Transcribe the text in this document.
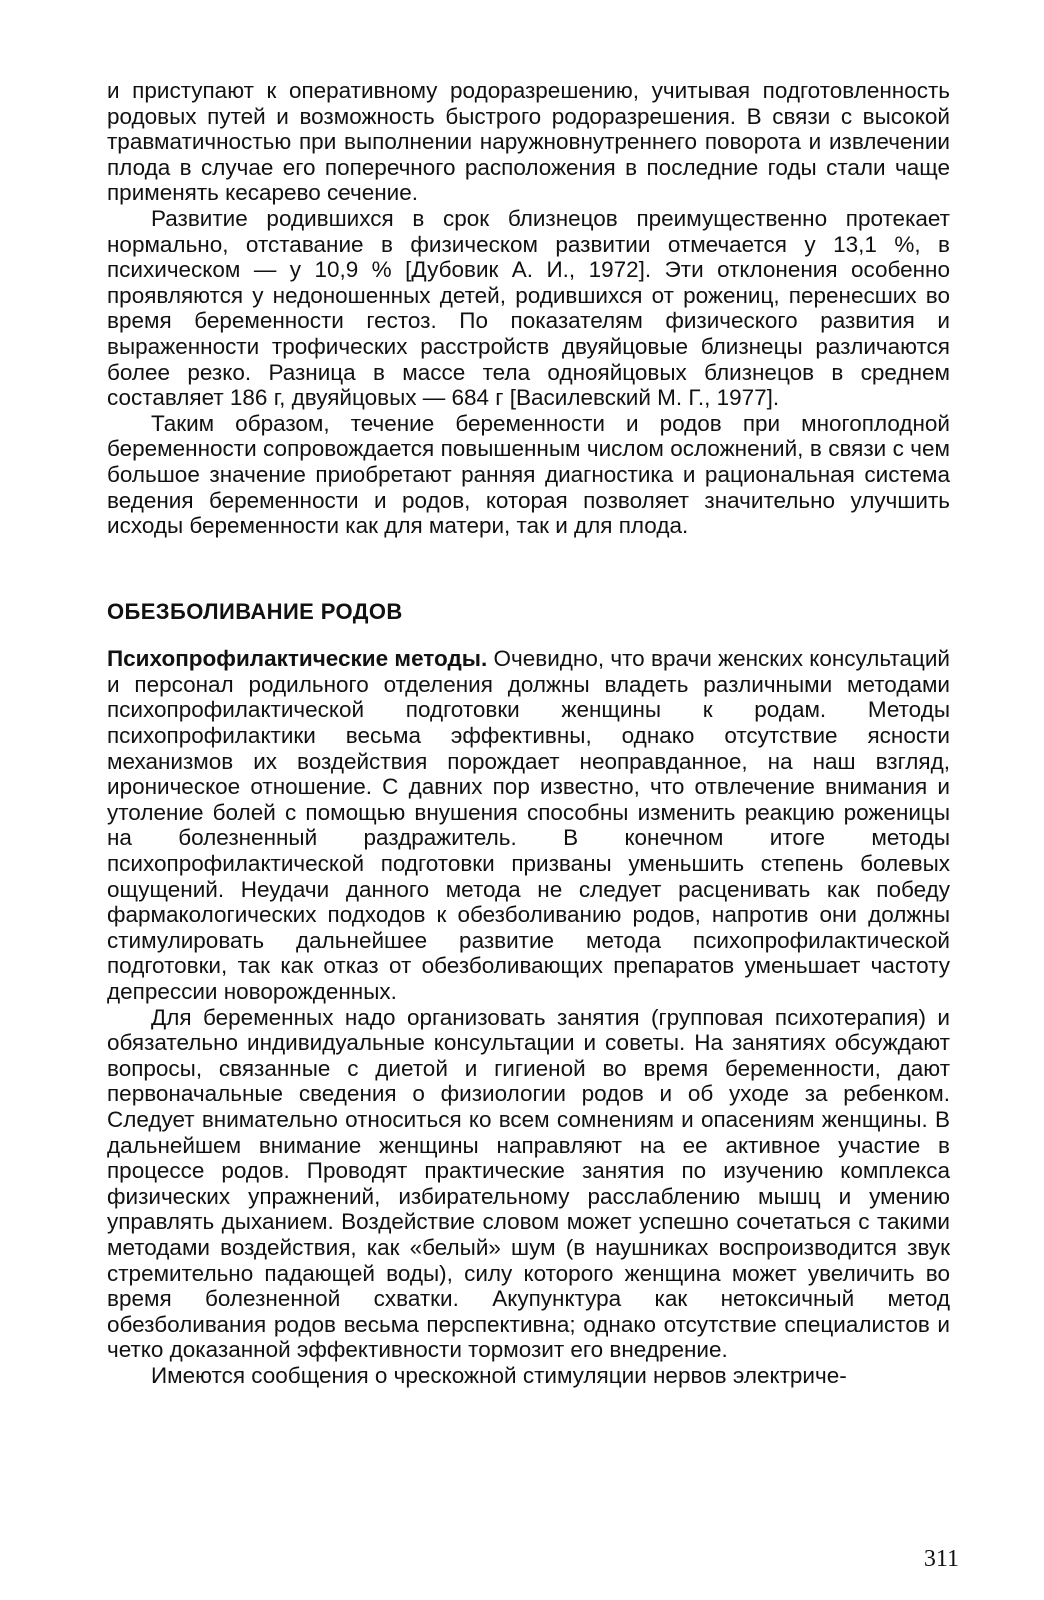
и приступают к оперативному родоразрешению, учитывая подготовленность родовых путей и возможность быстрого родоразрешения. В связи с высокой травматичностью при выполнении наружновнутреннего поворота и извлечении плода в случае его поперечного расположения в последние годы стали чаще применять кесарево сечение.

Развитие родившихся в срок близнецов преимущественно протекает нормально, отставание в физическом развитии отмечается у 13,1 %, в психическом — у 10,9 % [Дубовик А. И., 1972]. Эти отклонения особенно проявляются у недоношенных детей, родившихся от рожениц, перенесших во время беременности гестоз. По показателям физического развития и выраженности трофических расстройств двуяйцовые близнецы различаются более резко. Разница в массе тела однояйцовых близнецов в среднем составляет 186 г, двуяйцовых — 684 г [Василевский М. Г., 1977].

Таким образом, течение беременности и родов при многоплодной беременности сопровождается повышенным числом осложнений, в связи с чем большое значение приобретают ранняя диагностика и рациональная система ведения беременности и родов, которая позволяет значительно улучшить исходы беременности как для матери, так и для плода.

ОБЕЗБОЛИВАНИЕ РОДОВ

Психопрофилактические методы. Очевидно, что врачи женских консультаций и персонал родильного отделения должны владеть различными методами психопрофилактической подготовки женщины к родам. Методы психопрофилактики весьма эффективны, однако отсутствие ясности механизмов их воздействия порождает неоправданное, на наш взгляд, ироническое отношение. С давних пор известно, что отвлечение внимания и утоление болей с помощью внушения способны изменить реакцию роженицы на болезненный раздражитель. В конечном итоге методы психопрофилактической подготовки призваны уменьшить степень болевых ощущений. Неудачи данного метода не следует расценивать как победу фармакологических подходов к обезболиванию родов, напротив они должны стимулировать дальнейшее развитие метода психопрофилактической подготовки, так как отказ от обезболивающих препаратов уменьшает частоту депрессии новорожденных.

Для беременных надо организовать занятия (групповая психотерапия) и обязательно индивидуальные консультации и советы. На занятиях обсуждают вопросы, связанные с диетой и гигиеной во время беременности, дают первоначальные сведения о физиологии родов и об уходе за ребенком. Следует внимательно относиться ко всем сомнениям и опасениям женщины. В дальнейшем внимание женщины направляют на ее активное участие в процессе родов. Проводят практические занятия по изучению комплекса физических упражнений, избирательному расслаблению мышц и умению управлять дыханием. Воздействие словом может успешно сочетаться с такими методами воздействия, как «белый» шум (в наушниках воспроизводится звук стремительно падающей воды), силу которого женщина может увеличить во время болезненной схватки. Акупунктура как нетоксичный метод обезболивания родов весьма перспективна; однако отсутствие специалистов и четко доказанной эффективности тормозит его внедрение.

Имеются сообщения о чрескожной стимуляции нервов электриче-

311
